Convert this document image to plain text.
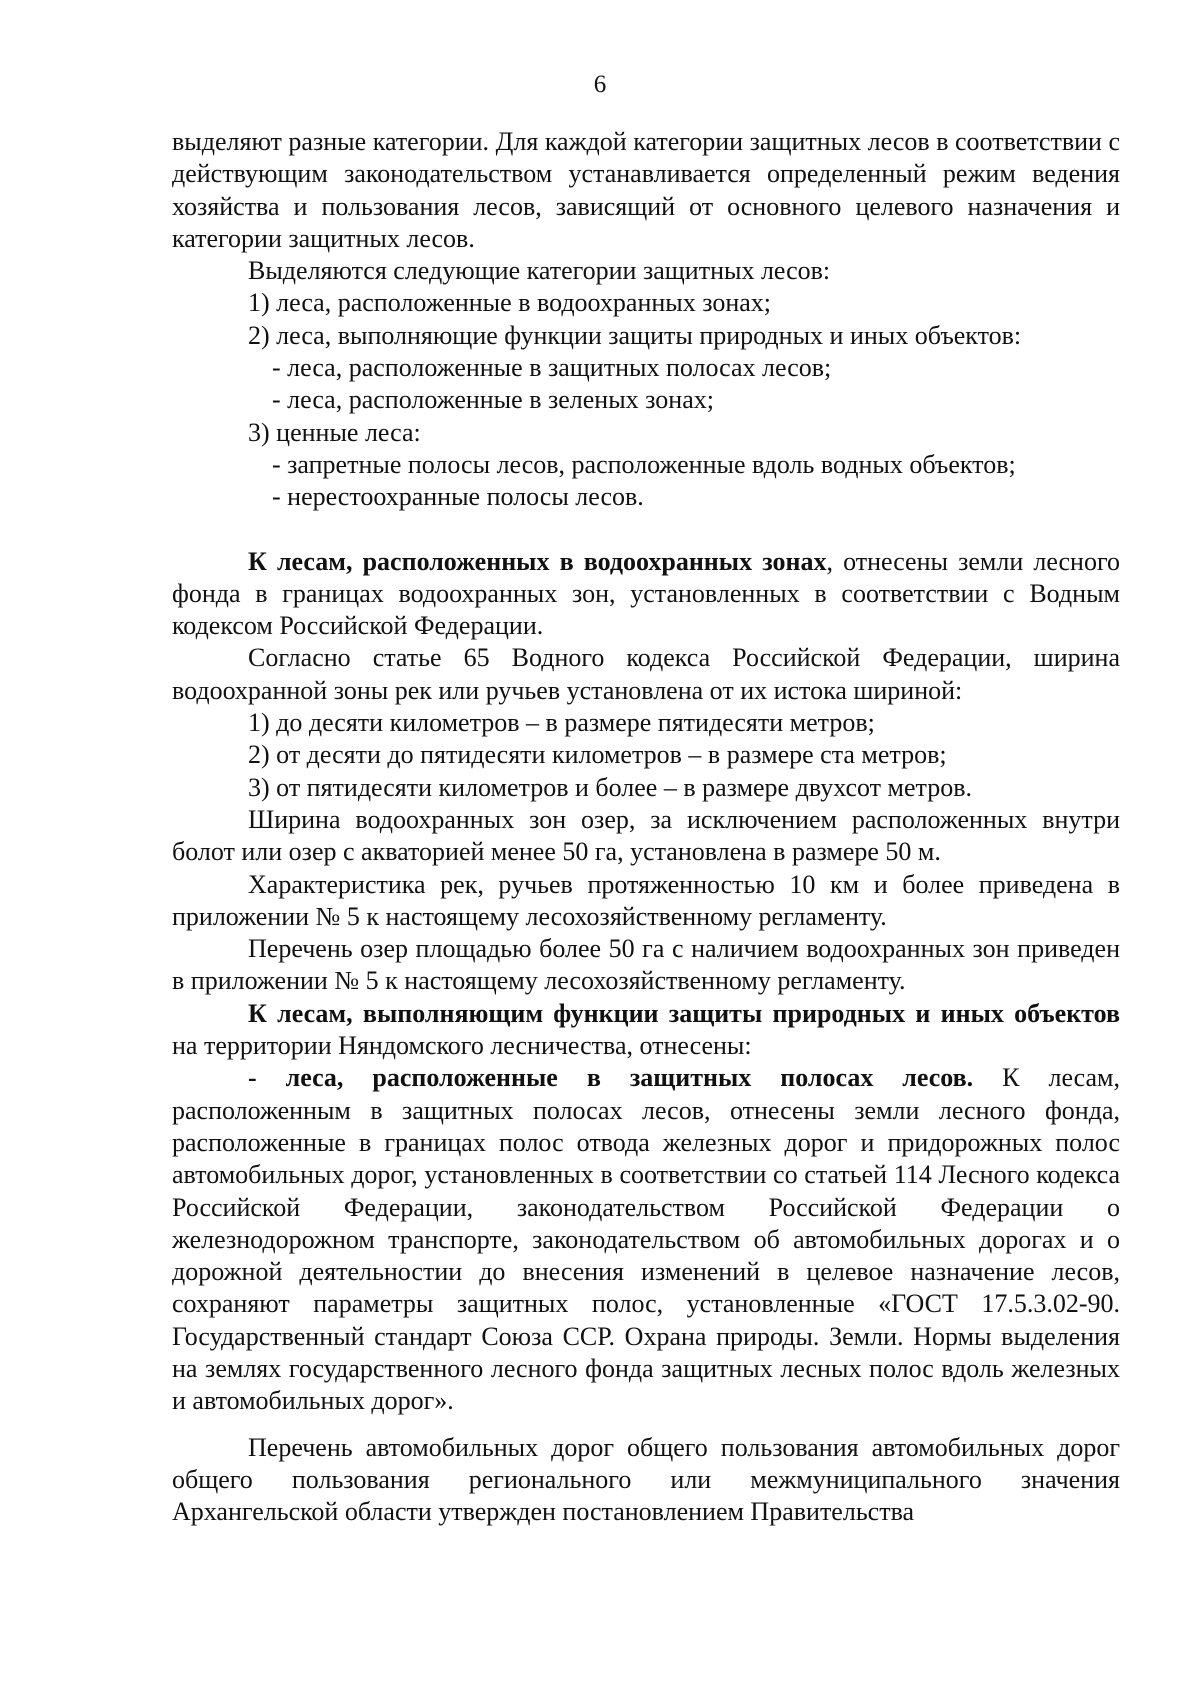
6

выделяют разные категории. Для каждой категории защитных лесов в соответствии с действующим законодательством устанавливается определенный режим ведения хозяйства и пользования лесов, зависящий от основного целевого назначения и категории защитных лесов.

Выделяются следующие категории защитных лесов:

1) леса, расположенные в водоохранных зонах;

2) леса, выполняющие функции защиты природных и иных объектов:

- леса, расположенные в защитных полосах лесов;

- леса, расположенные в зеленых зонах;

3) ценные леса:

- запретные полосы лесов, расположенные вдоль водных объектов;

- нерестоохранные полосы лесов.

К лесам, расположенных в водоохранных зонах, отнесены земли лесного фонда в границах водоохранных зон, установленных в соответствии с Водным кодексом Российской Федерации.

Согласно статье 65 Водного кодекса Российской Федерации, ширина водоохранной зоны рек или ручьев установлена от их истока шириной:

1) до десяти километров – в размере пятидесяти метров;

2) от десяти до пятидесяти километров – в размере ста метров;

3) от пятидесяти километров и более – в размере двухсот метров.

Ширина водоохранных зон озер, за исключением расположенных внутри болот или озер с акваторией менее 50 га, установлена в размере 50 м.

Характеристика рек, ручьев протяженностью 10 км и более приведена в приложении № 5 к настоящему лесохозяйственному регламенту.

Перечень озер площадью более 50 га с наличием водоохранных зон приведен в приложении № 5 к настоящему лесохозяйственному регламенту.

К лесам, выполняющим функции защиты природных и иных объектов на территории Няндомского лесничества, отнесены:

- леса, расположенные в защитных полосах лесов. К лесам, расположенным в защитных полосах лесов, отнесены земли лесного фонда, расположенные в границах полос отвода железных дорог и придорожных полос автомобильных дорог, установленных в соответствии со статьей 114 Лесного кодекса Российской Федерации, законодательством Российской Федерации о железнодорожном транспорте, законодательством об автомобильных дорогах и о дорожной деятельностии до внесения изменений в целевое назначение лесов, сохраняют параметры защитных полос, установленные «ГОСТ 17.5.3.02-90. Государственный стандарт Союза ССР. Охрана природы. Земли. Нормы выделения на землях государственного лесного фонда защитных лесных полос вдоль железных и автомобильных дорог».

Перечень автомобильных дорог общего пользования автомобильных дорог общего пользования регионального или межмуниципального значения Архангельской области утвержден постановлением Правительства
